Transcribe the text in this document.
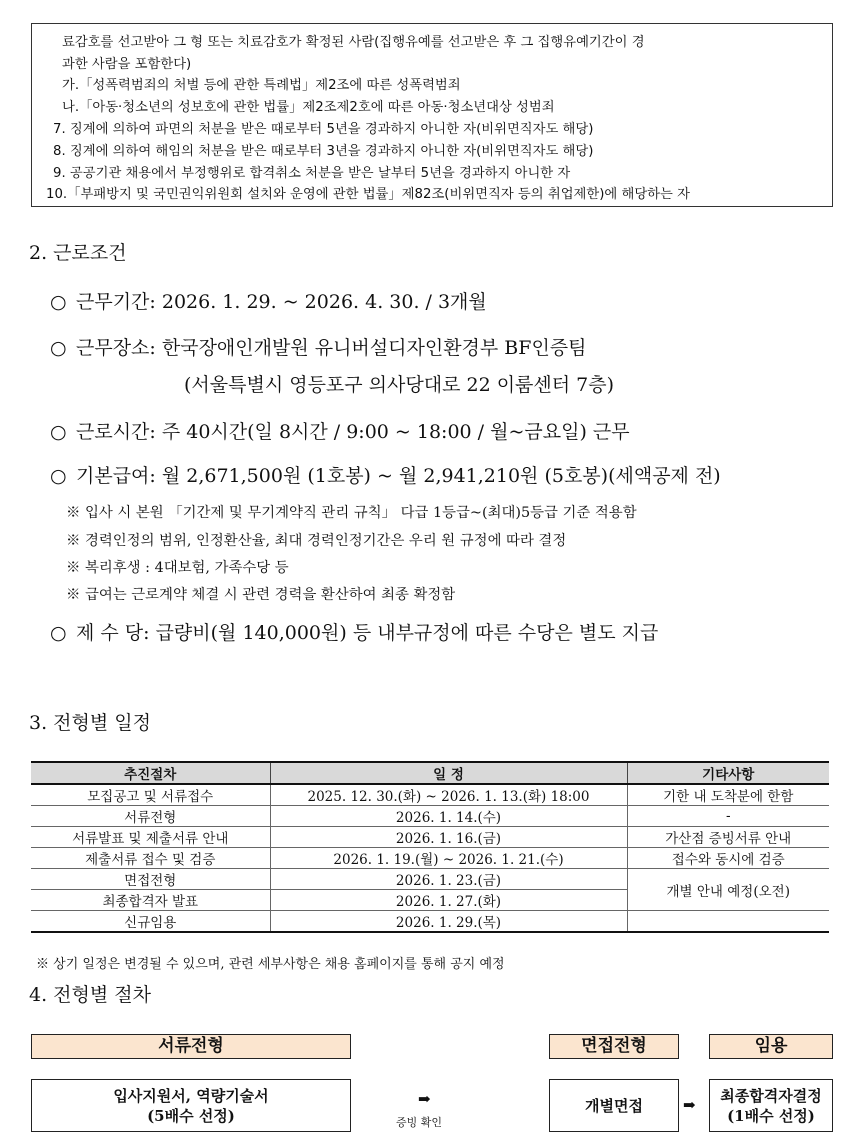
료감호를 선고받아 그 형 또는 치료감호가 확정된 사람(집행유예를 선고받은 후 그 집행유예기간이 경
과한 사람을 포함한다)
가.「성폭력범죄의 처벌 등에 관한 특례법」제2조에 따른 성폭력범죄
나.「아동·청소년의 성보호에 관한 법률」제2조제2호에 따른 아동·청소년대상 성범죄
7. 징계에 의하여 파면의 처분을 받은 때로부터 5년을 경과하지 아니한 자(비위면직자도 해당)
8. 징계에 의하여 해임의 처분을 받은 때로부터 3년을 경과하지 아니한 자(비위면직자도 해당)
9. 공공기관 채용에서 부정행위로 합격취소 처분을 받은 날부터 5년을 경과하지 아니한 자
10.「부패방지 및 국민권익위원회 설치와 운영에 관한 법률」제82조(비위면직자 등의 취업제한)에 해당하는 자
2. 근로조건
○ 근무기간: 2026. 1. 29. ~ 2026. 4. 30. / 3개월
○ 근무장소: 한국장애인개발원 유니버설디자인환경부 BF인증팀
(서울특별시 영등포구 의사당대로 22 이룸센터 7층)
○ 근로시간: 주 40시간(일 8시간 / 9:00 ~ 18:00 / 월~금요일) 근무
○ 기본급여: 월 2,671,500원 (1호봉) ~ 월 2,941,210원 (5호봉)(세액공제 전)
※ 입사 시 본원 「기간제 및 무기계약직 관리 규칙」 다급 1등급~(최대)5등급 기준 적용함
※ 경력인정의 범위, 인정환산율, 최대 경력인정기간은 우리 원 규정에 따라 결정
※ 복리후생 : 4대보험, 가족수당 등
※ 급여는 근로계약 체결 시 관련 경력을 환산하여 최종 확정함
○ 제 수 당: 급량비(월 140,000원) 등 내부규정에 따른 수당은 별도 지급
3. 전형별 일정
추진절차	일 정	기타사항
모집공고 및 서류접수	2025. 12. 30.(화) ~ 2026. 1. 13.(화) 18:00	기한 내 도착분에 한함
서류전형	2026. 1. 14.(수)	-
서류발표 및 제출서류 안내	2026. 1. 16.(금)	가산점 증빙서류 안내
제출서류 접수 및 검증	2026. 1. 19.(월) ~ 2026. 1. 21.(수)	접수와 동시에 검증
면접전형	2026. 1. 23.(금)	개별 안내 예정(오전)
최종합격자 발표	2026. 1. 27.(화)	
신규임용	2026. 1. 29.(목)	
※ 상기 일정은 변경될 수 있으며, 관련 세부사항은 채용 홈페이지를 통해 공지 예정
4. 전형별 절차
서류전형	면접전형	임용
입사지원서, 역량기술서
(5배수 선정)
➡
증빙 확인
개별면접	➡
최종합격자결정
(1배수 선정)
